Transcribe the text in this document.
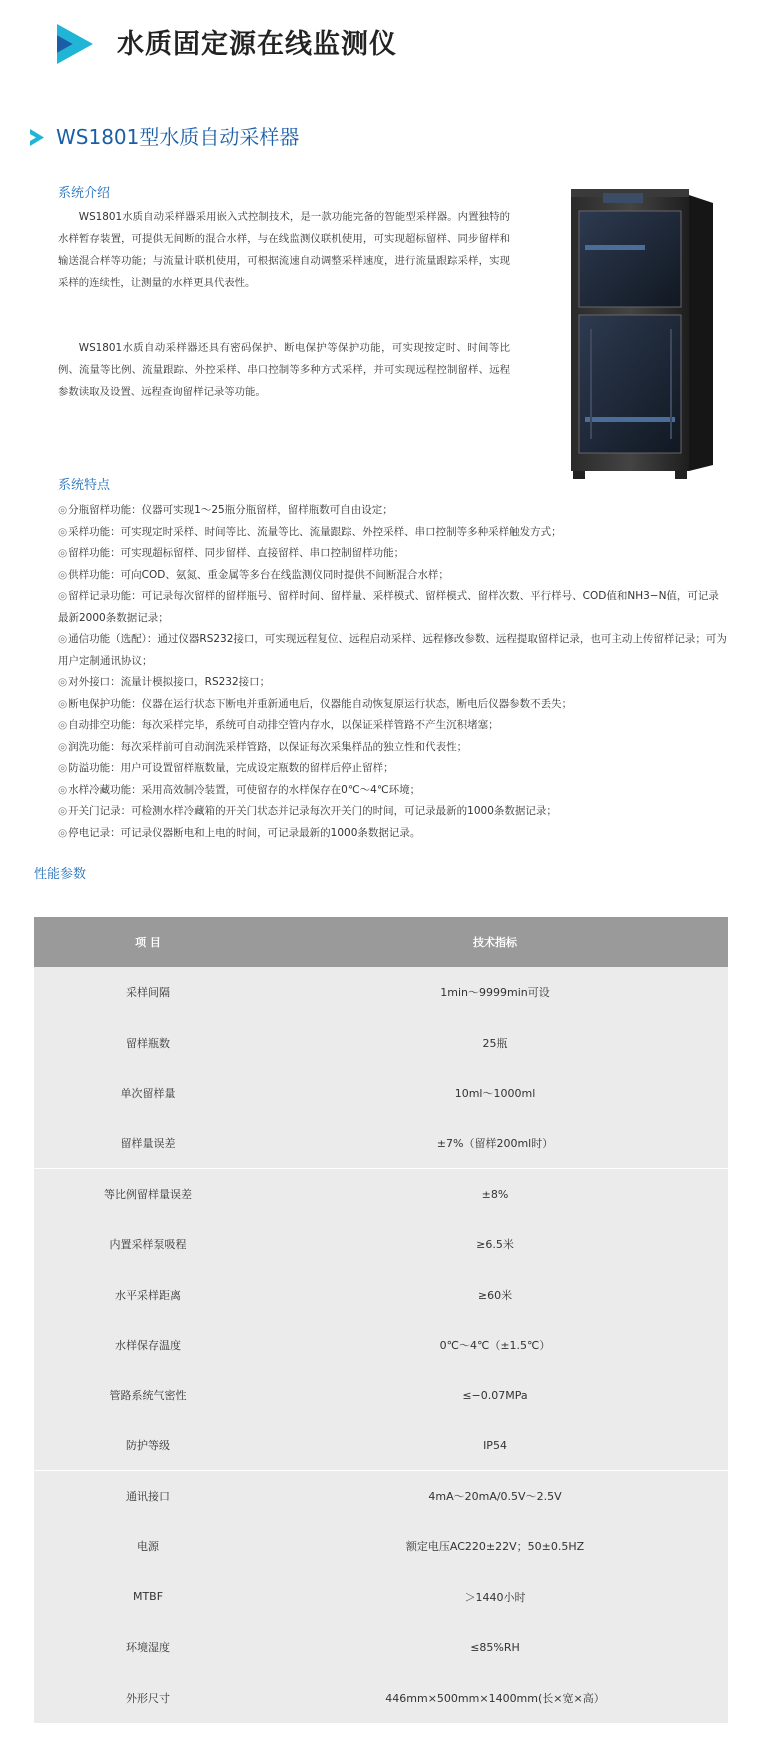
水质固定源在线监测仪
WS1801型水质自动采样器
系统介绍

WS1801水质自动采样器采用嵌入式控制技术，是一款功能完备的智能型采样器。内置独特的水样暂存装置，可提供无间断的混合水样，与在线监测仪联机使用，可实现超标留样、同步留样和输送混合样等功能；与流量计联机使用，可根据流速自动调整采样速度，进行流量跟踪采样，实现采样的连续性，让测量的水样更具代表性。

WS1801水质自动采样器还具有密码保护、断电保护等保护功能，可实现按定时、时间等比例、流量等比例、流量跟踪、外控采样、串口控制等多种方式采样，并可实现远程控制留样、远程参数读取及设置、远程查询留样记录等功能。

系统特点
◎分瓶留样功能：仪器可实现1～25瓶分瓶留样，留样瓶数可自由设定；
◎采样功能：可实现定时采样、时间等比、流量等比、流量跟踪、外控采样、串口控制等多种采样触发方式；
◎留样功能：可实现超标留样、同步留样、直接留样、串口控制留样功能；
◎供样功能：可向COD、氨氮、重金属等多台在线监测仪同时提供不间断混合水样；
◎留样记录功能：可记录每次留样的留样瓶号、留样时间、留样量、采样模式、留样模式、留样次数、平行样号、COD值和NH3−N值，可记录最新2000条数据记录；
◎通信功能（选配）：通过仪器RS232接口，可实现远程复位、远程启动采样、远程修改参数、远程提取留样记录，也可主动上传留样记录；可为用户定制通讯协议；
◎对外接口：流量计模拟接口，RS232接口；
◎断电保护功能：仪器在运行状态下断电并重新通电后，仪器能自动恢复原运行状态，断电后仪器参数不丢失；
◎自动排空功能：每次采样完毕，系统可自动排空管内存水，以保证采样管路不产生沉积堵塞；
◎润洗功能：每次采样前可自动润洗采样管路，以保证每次采集样品的独立性和代表性；
◎防溢功能：用户可设置留样瓶数量，完成设定瓶数的留样后停止留样；
◎水样冷藏功能：采用高效制冷装置，可使留存的水样保存在0℃～4℃环境；
◎开关门记录：可检测水样冷藏箱的开关门状态并记录每次开关门的时间，可记录最新的1000条数据记录；
◎停电记录：可记录仪器断电和上电的时间，可记录最新的1000条数据记录。
性能参数
项 目	技术指标
采样间隔	1min～9999min可设
留样瓶数	25瓶
单次留样量	10ml～1000ml
留样量误差	±7%（留样200ml时）
等比例留样量误差	±8%
内置采样泵吸程	≥6.5米
水平采样距离	≥60米
水样保存温度	0℃～4℃（±1.5℃）
管路系统气密性	≤−0.07MPa
防护等级	IP54
通讯接口	4mA～20mA/0.5V～2.5V
电源	额定电压AC220±22V；50±0.5HZ
MTBF	＞1440小时
环境湿度	≤85%RH
外形尺寸	446mm×500mm×1400mm(长×宽×高）
